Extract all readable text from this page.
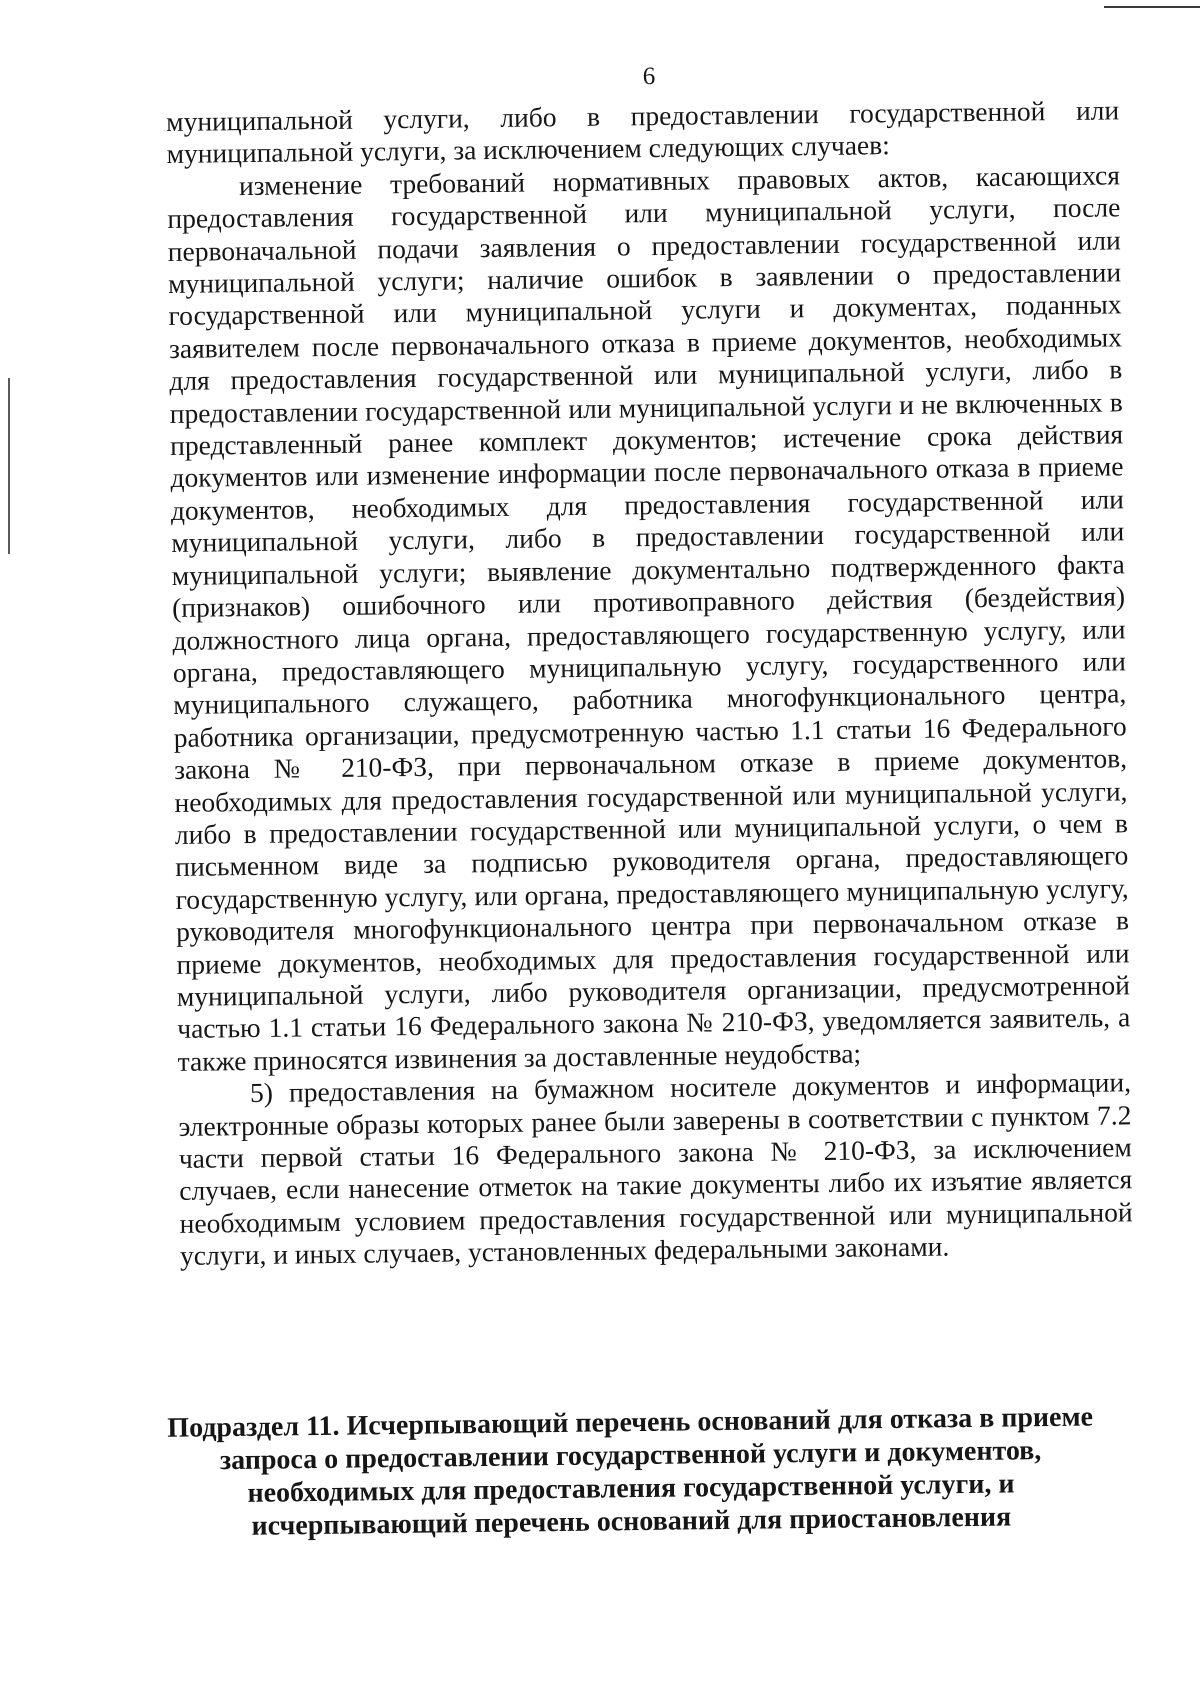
6

муниципальной услуги, либо в предоставлении государственной или муниципальной услуги, за исключением следующих случаев:

изменение требований нормативных правовых актов, касающихся предоставления государственной или муниципальной услуги, после первоначальной подачи заявления о предоставлении государственной или муниципальной услуги; наличие ошибок в заявлении о предоставлении государственной или муниципальной услуги и документах, поданных заявителем после первоначального отказа в приеме документов, необходимых для предоставления государственной или муниципальной услуги, либо в предоставлении государственной или муниципальной услуги и не включенных в представленный ранее комплект документов; истечение срока действия документов или изменение информации после первоначального отказа в приеме документов, необходимых для предоставления государственной или муниципальной услуги, либо в предоставлении государственной или муниципальной услуги; выявление документально подтвержденного факта (признаков) ошибочного или противоправного действия (бездействия) должностного лица органа, предоставляющего государственную услугу, или органа, предоставляющего муниципальную услугу, государственного или муниципального служащего, работника многофункционального центра, работника организации, предусмотренную частью 1.1 статьи 16 Федерального закона № 210-ФЗ, при первоначальном отказе в приеме документов, необходимых для предоставления государственной или муниципальной услуги, либо в предоставлении государственной или муниципальной услуги, о чем в письменном виде за подписью руководителя органа, предоставляющего государственную услугу, или органа, предоставляющего муниципальную услугу, руководителя многофункционального центра при первоначальном отказе в приеме документов, необходимых для предоставления государственной или муниципальной услуги, либо руководителя организации, предусмотренной частью 1.1 статьи 16 Федерального закона № 210-ФЗ, уведомляется заявитель, а также приносятся извинения за доставленные неудобства;

5) предоставления на бумажном носителе документов и информации, электронные образы которых ранее были заверены в соответствии с пунктом 7.2 части первой статьи 16 Федерального закона № 210-ФЗ, за исключением случаев, если нанесение отметок на такие документы либо их изъятие является необходимым условием предоставления государственной или муниципальной услуги, и иных случаев, установленных федеральными законами.

Подраздел 11. Исчерпывающий перечень оснований для отказа в приеме запроса о предоставлении государственной услуги и документов, необходимых для предоставления государственной услуги, и исчерпывающий перечень оснований для приостановления
